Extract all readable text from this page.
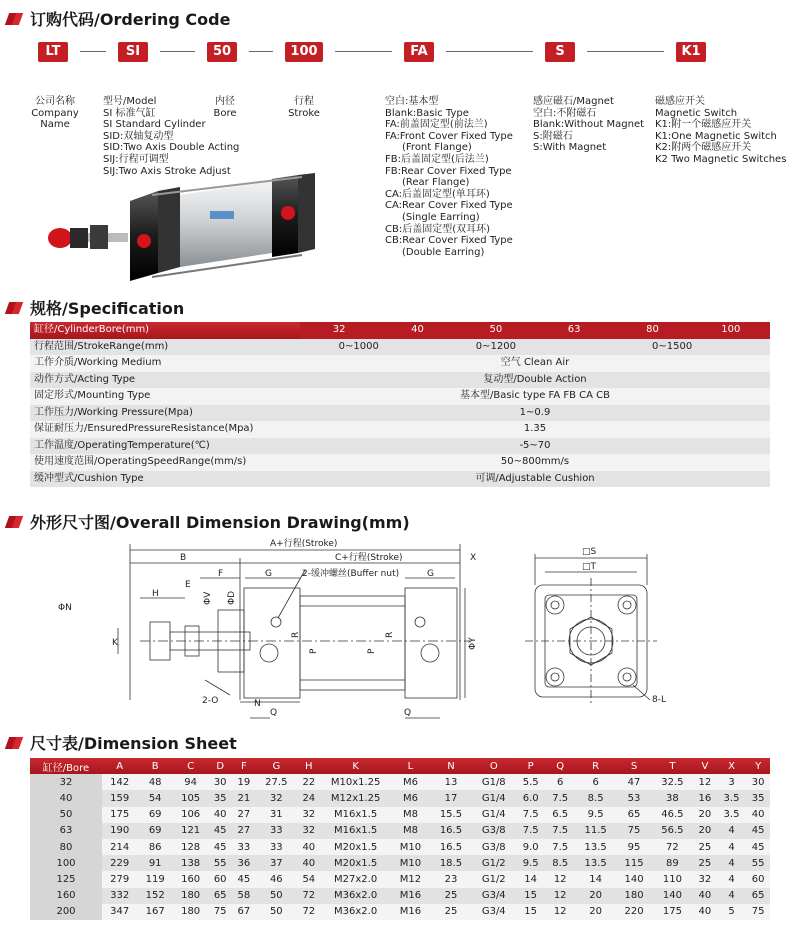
订购代码/Ordering Code
LT	SI	50	100	FA	S	K1
公司名称
Company
Name
型号/Model
SI 标准气缸
SI Standard Cylinder
SID:双轴复动型
SID:Two Axis Double Acting
SIJ:行程可调型
SIJ:Two Axis Stroke Adjust
内径
Bore
行程
Stroke
空白:基本型
Blank:Basic Type
FA:前盖固定型(前法兰)
FA:Front Cover Fixed Type
(Front Flange)
FB:后盖固定型(后法兰)
FB:Rear Cover Fixed Type
(Rear Flange)
CA:后盖固定型(单耳环)
CA:Rear Cover Fixed Type
(Single Earring)
CB:后盖固定型(双耳环)
CB:Rear Cover Fixed Type
(Double Earring)
感应磁石/Magnet
空白:不附磁石
Blank:Without Magnet
S:附磁石
S:With Magnet
磁感应开关
Magnetic Switch
K1:附一个磁感应开关
K1:One Magnetic Switch
K2:附两个磁感应开关
K2 Two Magnetic Switches
规格/Specification
缸径/CylinderBore(mm)	32	40	50	63	80	100
行程范围/StrokeRange(mm)	0~1000	0~1200	0~1500
工作介质/Working Medium	空气 Clean Air
动作方式/Acting Type	复动型/Double Action
固定形式/Mounting Type	基本型/Basic type FA FB CA CB
工作压力/Working Pressure(Mpa)	1~0.9
保证耐压力/EnsuredPressureResistance(Mpa)	1.35
工作温度/OperatingTemperature(℃)	-5~70
使用速度范围/OperatingSpeedRange(mm/s)	50~800mm/s
缓冲型式/Cushion Type	可调/Adjustable Cushion
外形尺寸图/Overall Dimension Drawing(mm)
A+行程(Stroke)
C+行程(Stroke)	X
B
F
E
G	G
2-缓冲螺丝(Buffer nut)
H
K
ΦN
ΦV ΦD
R
P
R
P
ΦY
2-O	N
Q	Q
□S
□T
8-L
尺寸表/Dimension Sheet
缸径/Bore	A	B	C	D	F	G	H	K	L	N	O	P	Q	R	S	T	V	X	Y
32	142	48	94	30	19	27.5	22	M10x1.25	M6	13	G1/8	5.5	6	6	47	32.5	12	3	30
40	159	54	105	35	21	32	24	M12x1.25	M6	17	G1/4	6.0	7.5	8.5	53	38	16	3.5	35
50	175	69	106	40	27	31	32	M16x1.5	M8	15.5	G1/4	7.5	6.5	9.5	65	46.5	20	3.5	40
63	190	69	121	45	27	33	32	M16x1.5	M8	16.5	G3/8	7.5	7.5	11.5	75	56.5	20	4	45
80	214	86	128	45	33	33	40	M20x1.5	M10	16.5	G3/8	9.0	7.5	13.5	95	72	25	4	45
100	229	91	138	55	36	37	40	M20x1.5	M10	18.5	G1/2	9.5	8.5	13.5	115	89	25	4	55
125	279	119	160	60	45	46	54	M27x2.0	M12	23	G1/2	14	12	14	140	110	32	4	60
160	332	152	180	65	58	50	72	M36x2.0	M16	25	G3/4	15	12	20	180	140	40	4	65
200	347	167	180	75	67	50	72	M36x2.0	M16	25	G3/4	15	12	20	220	175	40	5	75
